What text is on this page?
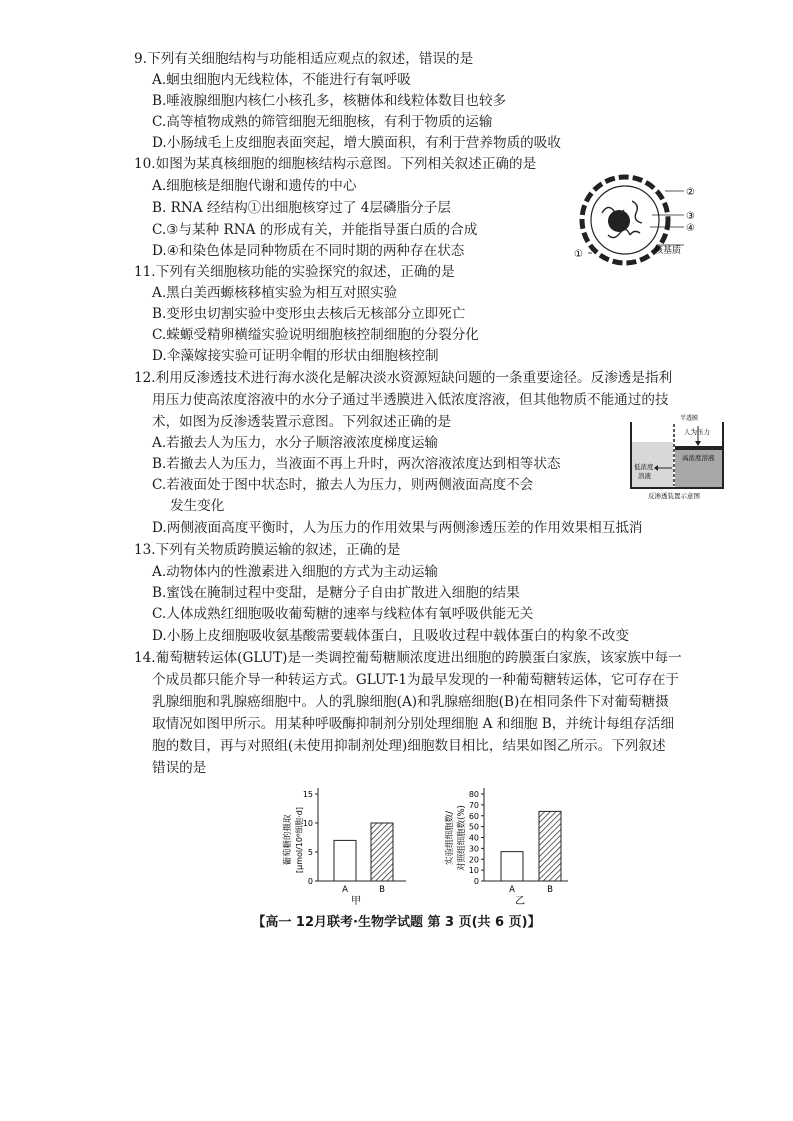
9.下列有关细胞结构与功能相适应观点的叙述，错误的是
A.蛔虫细胞内无线粒体，不能进行有氧呼吸
B.唾液腺细胞内核仁小核孔多，核糖体和线粒体数目也较多
C.高等植物成熟的筛管细胞无细胞核，有利于物质的运输
D.小肠绒毛上皮细胞表面突起，增大膜面积，有利于营养物质的吸收
10.如图为某真核细胞的细胞核结构示意图。下列相关叙述正确的是
A.细胞核是细胞代谢和遗传的中心
B. RNA 经结构①出细胞核穿过了 4层磷脂分子层
C.③与某种 RNA 的形成有关，并能指导蛋白质的合成
D.④和染色体是同种物质在不同时期的两种存在状态
②
③
④
核基质
①
11.下列有关细胞核功能的实验探究的叙述，正确的是
A.黑白美西螈核移植实验为相互对照实验
B.变形虫切割实验中变形虫去核后无核部分立即死亡
C.蝾螈受精卵横缢实验说明细胞核控制细胞的分裂分化
D.伞藻嫁接实验可证明伞帽的形状由细胞核控制
12.利用反渗透技术进行海水淡化是解决淡水资源短缺问题的一条重要途径。反渗透是指利
用压力使高浓度溶液中的水分子通过半透膜进入低浓度溶液，但其他物质不能通过的技
术，如图为反渗透装置示意图。下列叙述正确的是
A.若撤去人为压力，水分子顺溶液浓度梯度运输
B.若撤去人为压力，当液面不再上升时，两次溶液浓度达到相等状态
C.若液面处于图中状态时，撤去人为压力，则两侧液面高度不会
发生变化
D.两侧液面高度平衡时，人为压力的作用效果与两侧渗透压差的作用效果相互抵消
半透膜
人为压力
高浓度溶液
低浓度
溶液
反渗透装置示意图
13.下列有关物质跨膜运输的叙述，正确的是
A.动物体内的性激素进入细胞的方式为主动运输
B.蜜饯在腌制过程中变甜，是糖分子自由扩散进入细胞的结果
C.人体成熟红细胞吸收葡萄糖的速率与线粒体有氧呼吸供能无关
D.小肠上皮细胞吸收氨基酸需要载体蛋白，且吸收过程中载体蛋白的构象不改变
14.葡萄糖转运体(GLUT)是一类调控葡萄糖顺浓度进出细胞的跨膜蛋白家族，该家族中每一
个成员都只能介导一种转运方式。GLUT-1为最早发现的一种葡萄糖转运体，它可存在于
乳腺细胞和乳腺癌细胞中。人的乳腺细胞(A)和乳腺癌细胞(B)在相同条件下对葡萄糖摄
取情况如图甲所示。用某种呼吸酶抑制剂分别处理细胞 A 和细胞 B，并统计每组存活细
胞的数目，再与对照组(未使用抑制剂处理)细胞数目相比，结果如图乙所示。下列叙述
错误的是
葡萄糖的摄取 [μmol/10⁶细胞·d]
甲
0
5
10
15
A	B
实验组细胞数/ 对照组细胞数(%)
乙
0
10
20
30
40
50
60
70
80
A	B
【高一 12月联考·生物学试题 第 3 页(共 6 页)】
